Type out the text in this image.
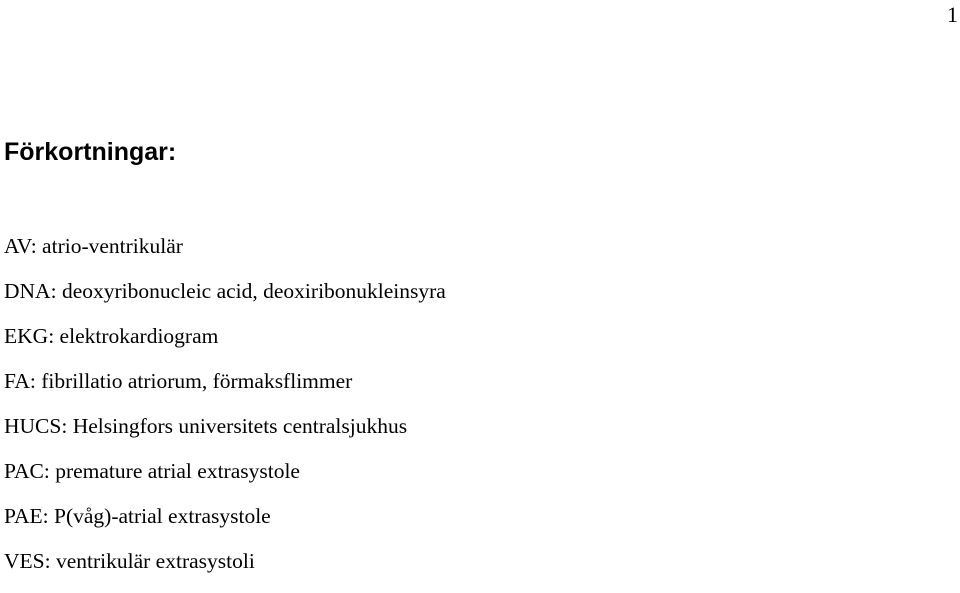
1
Förkortningar:
AV: atrio-ventrikulär
DNA: deoxyribonucleic acid, deoxiribonukleinsyra
EKG: elektrokardiogram
FA: fibrillatio atriorum, förmaksflimmer
HUCS: Helsingfors universitets centralsjukhus
PAC: premature atrial extrasystole
PAE: P(våg)-atrial extrasystole
VES: ventrikulär extrasystoli
